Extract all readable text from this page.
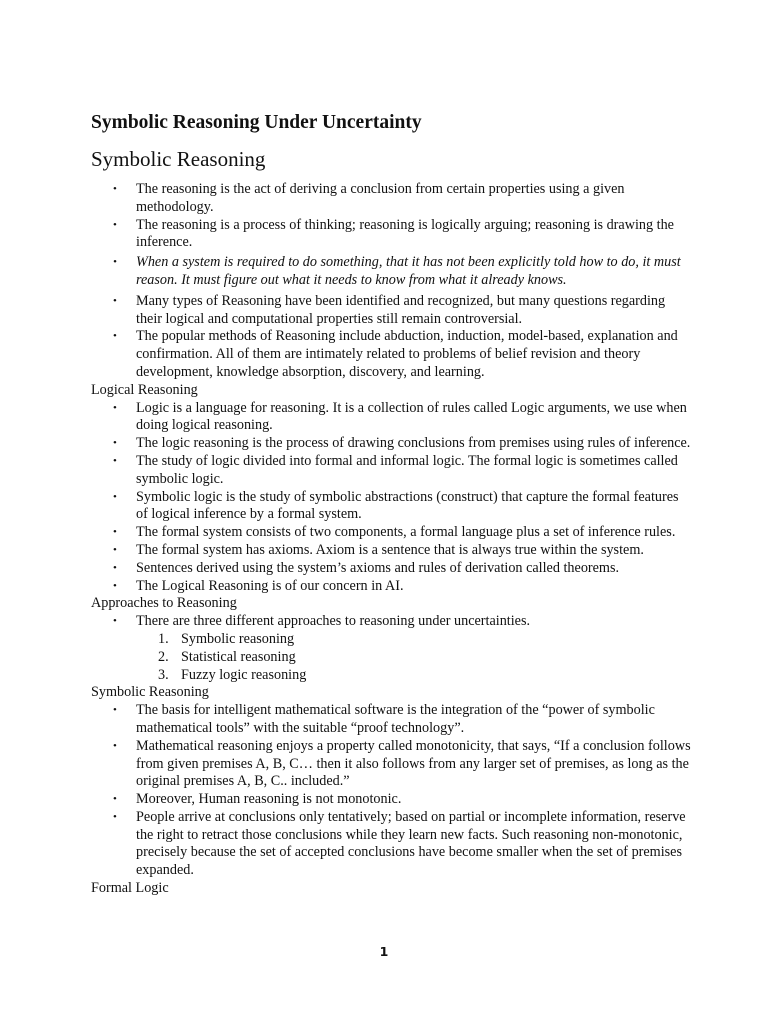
Symbolic Reasoning Under Uncertainty
Symbolic Reasoning
• The reasoning is the act of deriving a conclusion from certain properties using a given methodology.
• The reasoning is a process of thinking; reasoning is logically arguing; reasoning is drawing the inference.
• When a system is required to do something, that it has not been explicitly told how to do, it must reason. It must figure out what it needs to know from what it already knows.
• Many types of Reasoning have been identified and recognized, but many questions regarding their logical and computational properties still remain controversial.
• The popular methods of Reasoning include abduction, induction, model-based, explanation and confirmation. All of them are intimately related to problems of belief revision and theory development, knowledge absorption, discovery, and learning.
Logical Reasoning
• Logic is a language for reasoning. It is a collection of rules called Logic arguments, we use when doing logical reasoning.
• The logic reasoning is the process of drawing conclusions from premises using rules of inference.
• The study of logic divided into formal and informal logic. The formal logic is sometimes called symbolic logic.
• Symbolic logic is the study of symbolic abstractions (construct) that capture the formal features of logical inference by a formal system.
• The formal system consists of two components, a formal language plus a set of inference rules.
• The formal system has axioms. Axiom is a sentence that is always true within the system.
• Sentences derived using the system’s axioms and rules of derivation called theorems.
• The Logical Reasoning is of our concern in AI.
Approaches to Reasoning
• There are three different approaches to reasoning under uncertainties.
1. Symbolic reasoning
2. Statistical reasoning
3. Fuzzy logic reasoning
Symbolic Reasoning
• The basis for intelligent mathematical software is the integration of the “power of symbolic mathematical tools” with the suitable “proof technology”.
• Mathematical reasoning enjoys a property called monotonicity, that says, “If a conclusion follows from given premises A, B, C… then it also follows from any larger set of premises, as long as the original premises A, B, C.. included.”
• Moreover, Human reasoning is not monotonic.
• People arrive at conclusions only tentatively; based on partial or incomplete information, reserve the right to retract those conclusions while they learn new facts. Such reasoning non-monotonic, precisely because the set of accepted conclusions have become smaller when the set of premises expanded.
Formal Logic
1
